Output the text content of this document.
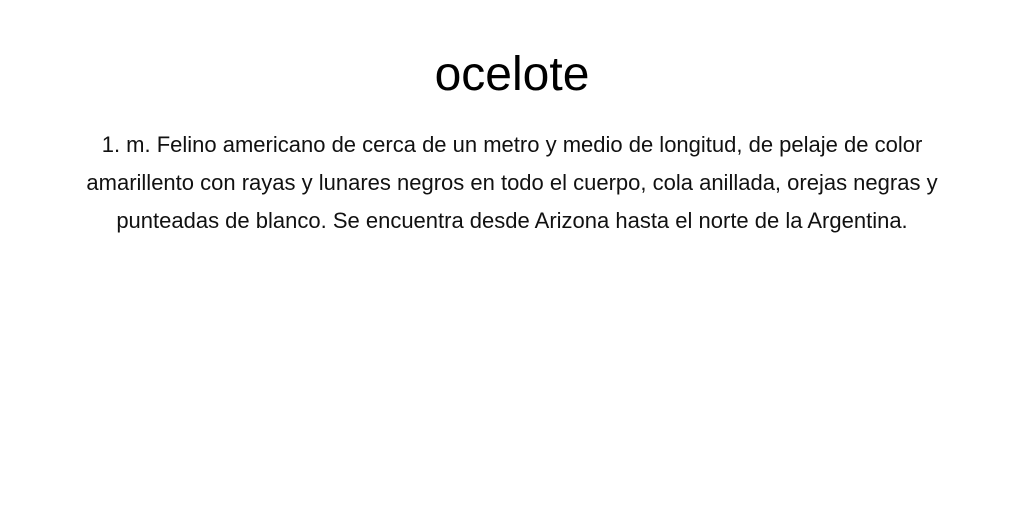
ocelote

1. m. Felino americano de cerca de un metro y medio de longitud, de pelaje de color amarillento con rayas y lunares negros en todo el cuerpo, cola anillada, orejas negras y punteadas de blanco. Se encuentra desde Arizona hasta el norte de la Argentina.
